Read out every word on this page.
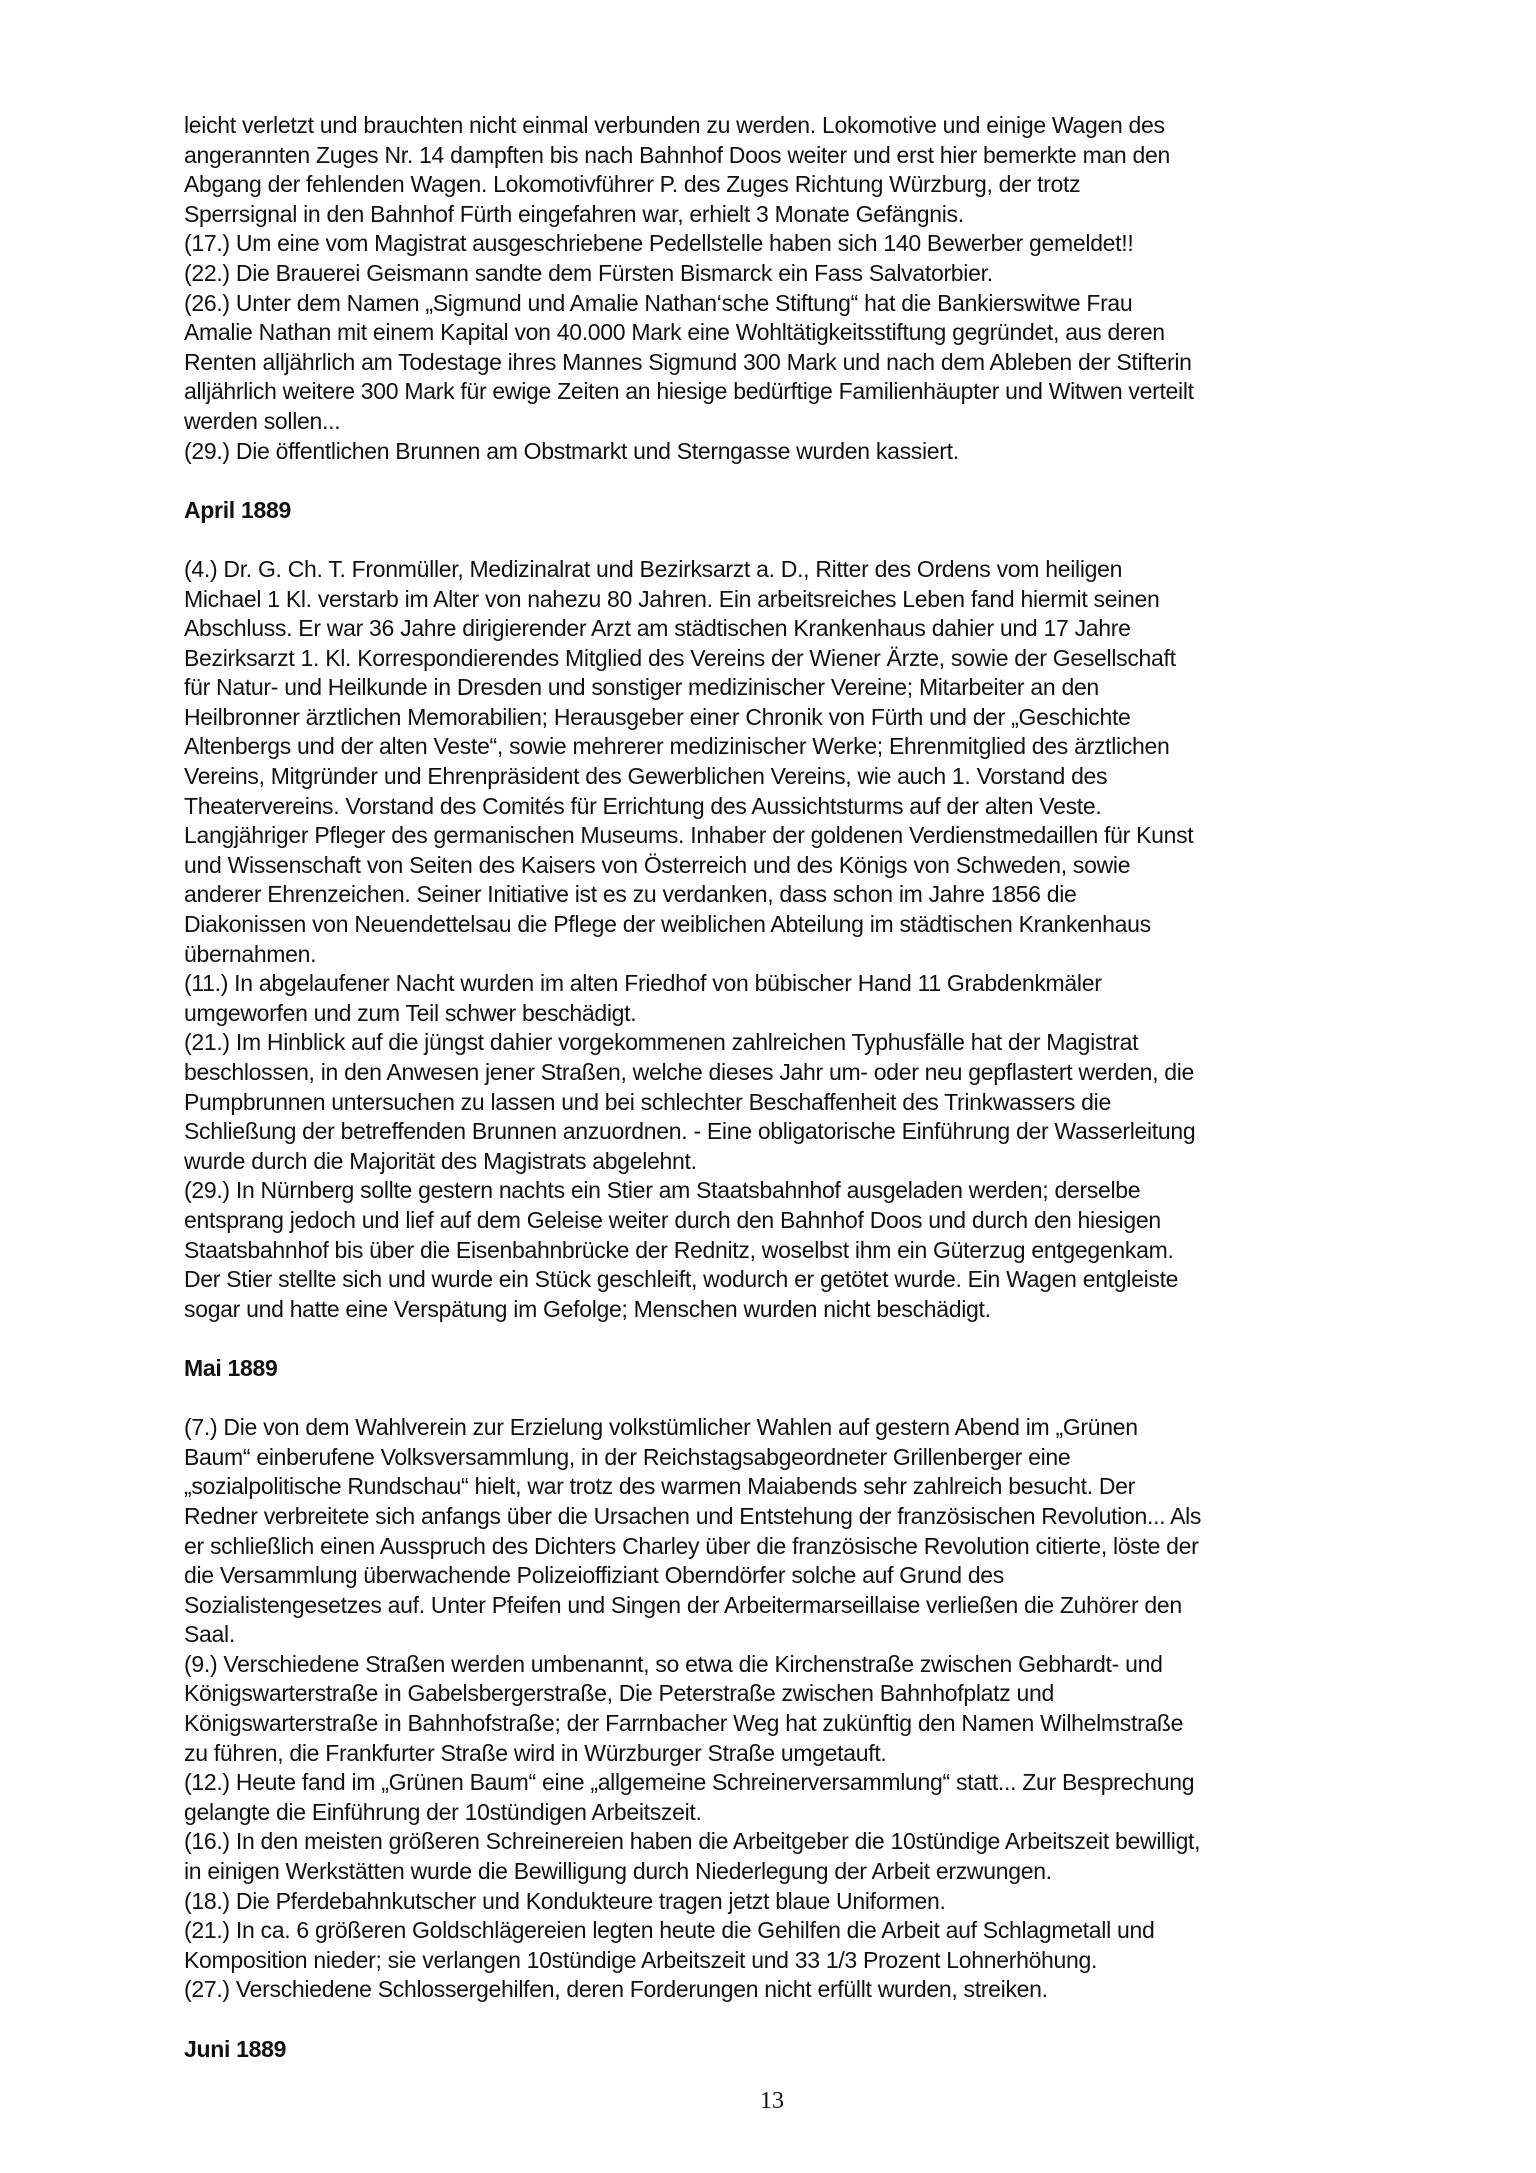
leicht verletzt und brauchten nicht einmal verbunden zu werden. Lokomotive und einige Wagen des
angerannten Zuges Nr. 14 dampften bis nach Bahnhof Doos weiter und erst hier bemerkte man den
Abgang der fehlenden Wagen. Lokomotivführer P. des Zuges Richtung Würzburg, der trotz
Sperrsignal in den Bahnhof Fürth eingefahren war, erhielt 3 Monate Gefängnis.
(17.) Um eine vom Magistrat ausgeschriebene Pedellstelle haben sich 140 Bewerber gemeldet!!
(22.) Die Brauerei Geismann sandte dem Fürsten Bismarck ein Fass Salvatorbier.
(26.) Unter dem Namen „Sigmund und Amalie Nathan‘sche Stiftung“ hat die Bankierswitwe Frau
Amalie Nathan mit einem Kapital von 40.000 Mark eine Wohltätigkeitsstiftung gegründet, aus deren
Renten alljährlich am Todestage ihres Mannes Sigmund 300 Mark und nach dem Ableben der Stifterin
alljährlich weitere 300 Mark für ewige Zeiten an hiesige bedürftige Familienhäupter und Witwen verteilt
werden sollen...
(29.) Die öffentlichen Brunnen am Obstmarkt und Sterngasse wurden kassiert.
April 1889
(4.) Dr. G. Ch. T. Fronmüller, Medizinalrat und Bezirksarzt a. D., Ritter des Ordens vom heiligen
Michael 1 Kl. verstarb im Alter von nahezu 80 Jahren. Ein arbeitsreiches Leben fand hiermit seinen
Abschluss. Er war 36 Jahre dirigierender Arzt am städtischen Krankenhaus dahier und 17 Jahre
Bezirksarzt 1. Kl. Korrespondierendes Mitglied des Vereins der Wiener Ärzte, sowie der Gesellschaft
für Natur- und Heilkunde in Dresden und sonstiger medizinischer Vereine; Mitarbeiter an den
Heilbronner ärztlichen Memorabilien; Herausgeber einer Chronik von Fürth und der „Geschichte
Altenbergs und der alten Veste“, sowie mehrerer medizinischer Werke; Ehrenmitglied des ärztlichen
Vereins, Mitgründer und Ehrenpräsident des Gewerblichen Vereins, wie auch 1. Vorstand des
Theatervereins. Vorstand des Comités für Errichtung des Aussichtsturms auf der alten Veste.
Langjähriger Pfleger des germanischen Museums. Inhaber der goldenen Verdienstmedaillen für Kunst
und Wissenschaft von Seiten des Kaisers von Österreich und des Königs von Schweden, sowie
anderer Ehrenzeichen. Seiner Initiative ist es zu verdanken, dass schon im Jahre 1856 die
Diakonissen von Neuendettelsau die Pflege der weiblichen Abteilung im städtischen Krankenhaus
übernahmen.
(11.) In abgelaufener Nacht wurden im alten Friedhof von bübischer Hand 11 Grabdenkmäler
umgeworfen und zum Teil schwer beschädigt.
(21.) Im Hinblick auf die jüngst dahier vorgekommenen zahlreichen Typhusfälle hat der Magistrat
beschlossen, in den Anwesen jener Straßen, welche dieses Jahr um- oder neu gepflastert werden, die
Pumpbrunnen untersuchen zu lassen und bei schlechter Beschaffenheit des Trinkwassers die
Schließung der betreffenden Brunnen anzuordnen. - Eine obligatorische Einführung der Wasserleitung
wurde durch die Majorität des Magistrats abgelehnt.
(29.) In Nürnberg sollte gestern nachts ein Stier am Staatsbahnhof ausgeladen werden; derselbe
entsprang jedoch und lief auf dem Geleise weiter durch den Bahnhof Doos und durch den hiesigen
Staatsbahnhof bis über die Eisenbahnbrücke der Rednitz, woselbst ihm ein Güterzug entgegenkam.
Der Stier stellte sich und wurde ein Stück geschleift, wodurch er getötet wurde. Ein Wagen entgleiste
sogar und hatte eine Verspätung im Gefolge; Menschen wurden nicht beschädigt.
Mai 1889
(7.) Die von dem Wahlverein zur Erzielung volkstümlicher Wahlen auf gestern Abend im „Grünen
Baum“ einberufene Volksversammlung, in der Reichstagsabgeordneter Grillenberger eine
„sozialpolitische Rundschau“ hielt, war trotz des warmen Maiabends sehr zahlreich besucht. Der
Redner verbreitete sich anfangs über die Ursachen und Entstehung der französischen Revolution... Als
er schließlich einen Ausspruch des Dichters Charley über die französische Revolution citierte, löste der
die Versammlung überwachende Polizeioffiziant Oberndörfer solche auf Grund des
Sozialistengesetzes auf. Unter Pfeifen und Singen der Arbeitermarseillaise verließen die Zuhörer den
Saal.
(9.) Verschiedene Straßen werden umbenannt, so etwa die Kirchenstraße zwischen Gebhardt- und
Königswarterstraße in Gabelsbergerstraße, Die Peterstraße zwischen Bahnhofplatz und
Königswarterstraße in Bahnhofstraße; der Farrnbacher Weg hat zukünftig den Namen Wilhelmstraße
zu führen, die Frankfurter Straße wird in Würzburger Straße umgetauft.
(12.) Heute fand im „Grünen Baum“ eine „allgemeine Schreinerversammlung“ statt... Zur Besprechung
gelangte die Einführung der 10stündigen Arbeitszeit.
(16.) In den meisten größeren Schreinereien haben die Arbeitgeber die 10stündige Arbeitszeit bewilligt,
in einigen Werkstätten wurde die Bewilligung durch Niederlegung der Arbeit erzwungen.
(18.) Die Pferdebahnkutscher und Kondukteure tragen jetzt blaue Uniformen.
(21.) In ca. 6 größeren Goldschlägereien legten heute die Gehilfen die Arbeit auf Schlagmetall und
Komposition nieder; sie verlangen 10stündige Arbeitszeit und 33 1/3 Prozent Lohnerhöhung.
(27.) Verschiedene Schlossergehilfen, deren Forderungen nicht erfüllt wurden, streiken.
Juni 1889
13
